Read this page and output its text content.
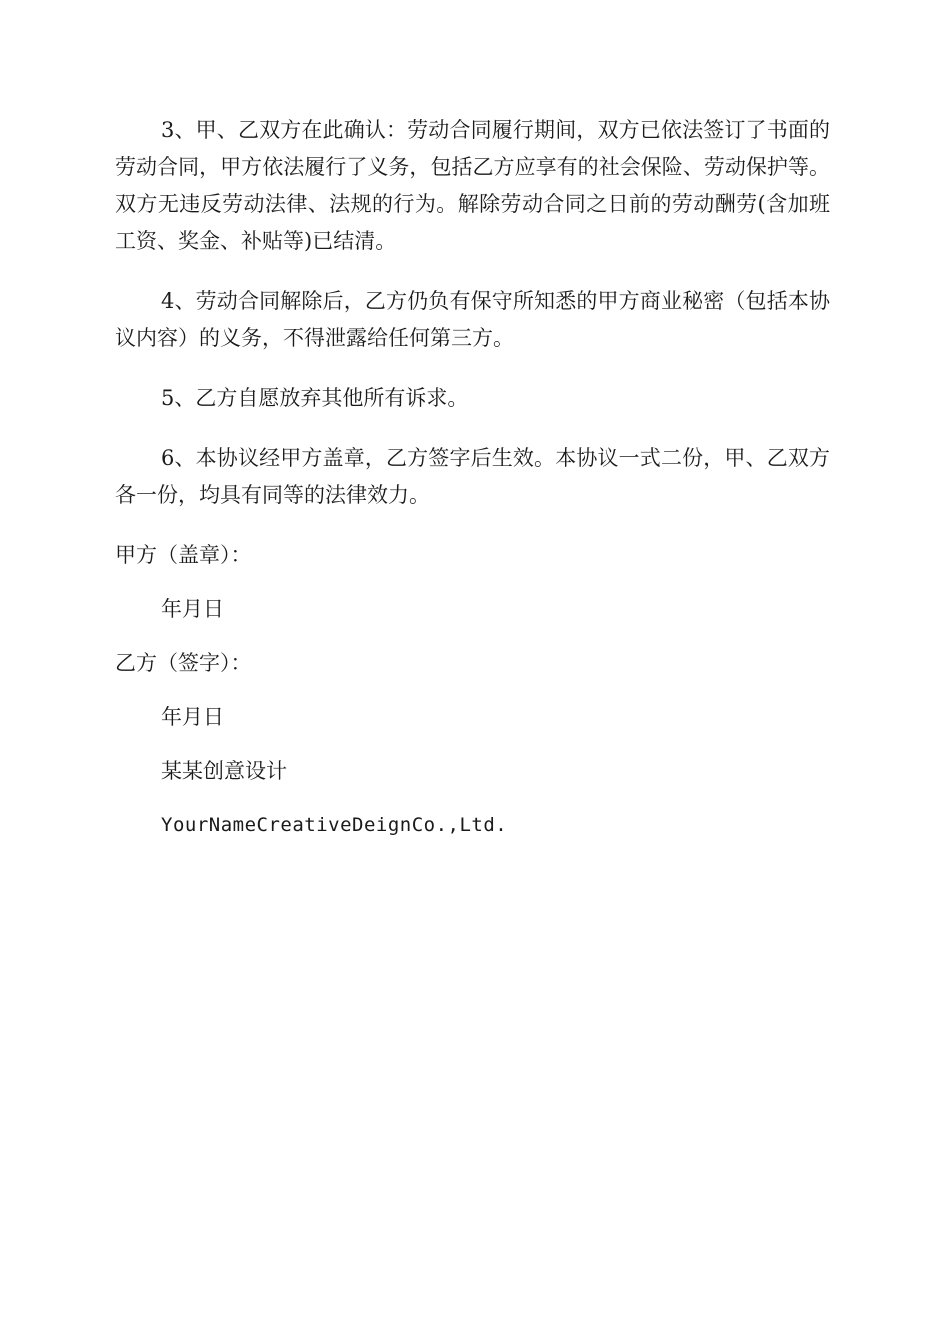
3、甲、乙双方在此确认：劳动合同履行期间，双方已依法签订了书面的劳动合同，甲方依法履行了义务，包括乙方应享有的社会保险、劳动保护等。双方无违反劳动法律、法规的行为。解除劳动合同之日前的劳动酬劳(含加班工资、奖金、补贴等)已结清。

4、劳动合同解除后，乙方仍负有保守所知悉的甲方商业秘密（包括本协议内容）的义务，不得泄露给任何第三方。

5、乙方自愿放弃其他所有诉求。

6、本协议经甲方盖章，乙方签字后生效。本协议一式二份，甲、乙双方各一份，均具有同等的法律效力。

甲方（盖章）：
年月日
乙方（签字）：
年月日
某某创意设计
YourNameCreativeDeignCo.,Ltd.
